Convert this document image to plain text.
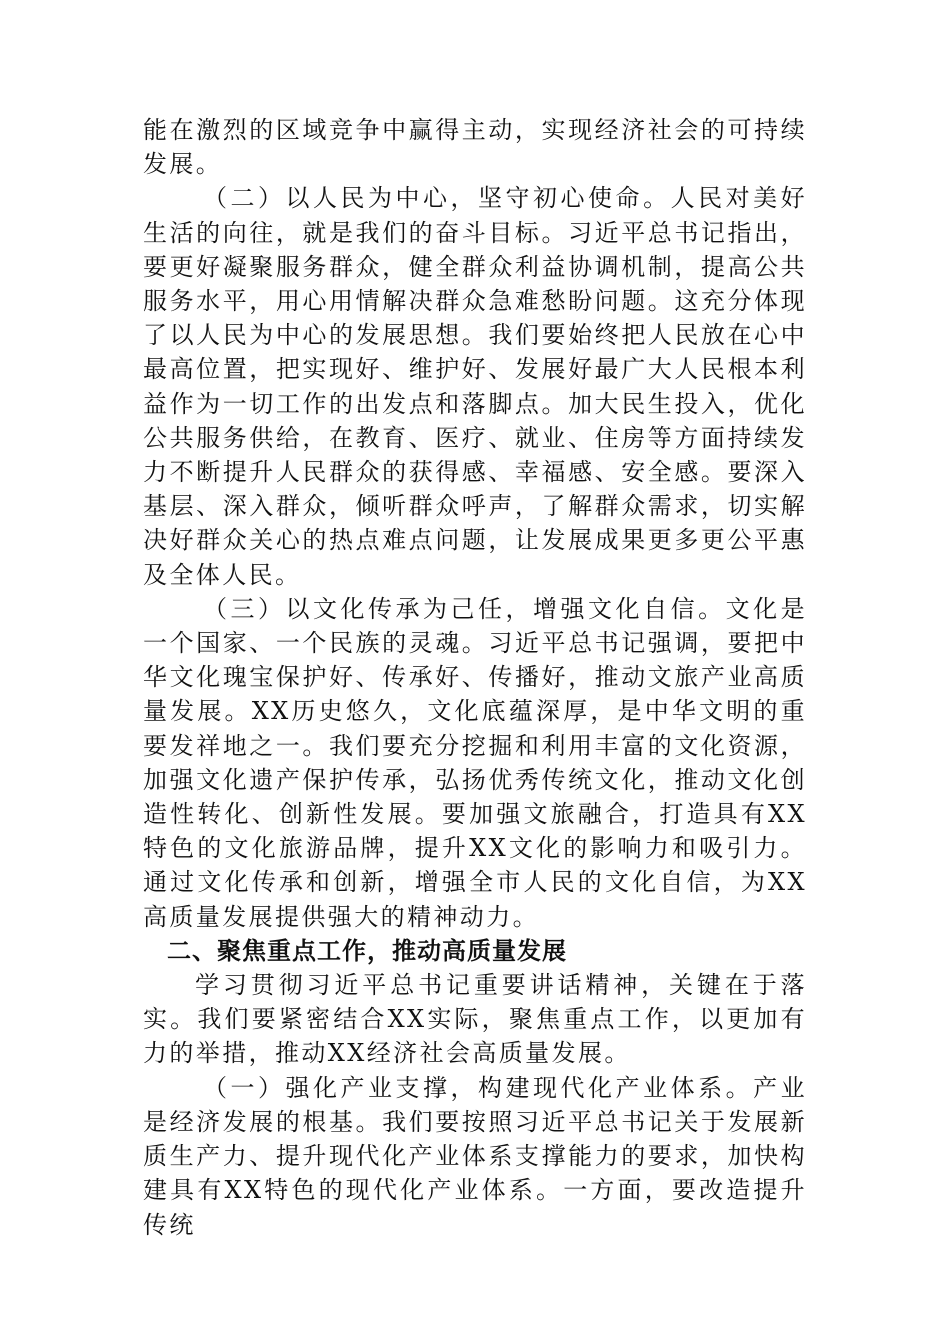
能在激烈的区域竞争中赢得主动，实现经济社会的可持续发展。

（二）以人民为中心，坚守初心使命。人民对美好生活的向往，就是我们的奋斗目标。习近平总书记指出，要更好凝聚服务群众，健全群众利益协调机制，提高公共服务水平，用心用情解决群众急难愁盼问题。这充分体现了以人民为中心的发展思想。我们要始终把人民放在心中最高位置，把实现好、维护好、发展好最广大人民根本利益作为一切工作的出发点和落脚点。加大民生投入，优化公共服务供给，在教育、医疗、就业、住房等方面持续发力不断提升人民群众的获得感、幸福感、安全感。要深入基层、深入群众，倾听群众呼声，了解群众需求，切实解决好群众关心的热点难点问题，让发展成果更多更公平惠及全体人民。

（三）以文化传承为己任，增强文化自信。文化是一个国家、一个民族的灵魂。习近平总书记强调，要把中华文化瑰宝保护好、传承好、传播好，推动文旅产业高质量发展。XX历史悠久，文化底蕴深厚，是中华文明的重要发祥地之一。我们要充分挖掘和利用丰富的文化资源，加强文化遗产保护传承，弘扬优秀传统文化，推动文化创造性转化、创新性发展。要加强文旅融合，打造具有XX特色的文化旅游品牌，提升XX文化的影响力和吸引力。通过文化传承和创新，增强全市人民的文化自信，为XX高质量发展提供强大的精神动力。

二、聚焦重点工作，推动高质量发展

学习贯彻习近平总书记重要讲话精神，关键在于落实。我们要紧密结合XX实际，聚焦重点工作，以更加有力的举措，推动XX经济社会高质量发展。

（一）强化产业支撑，构建现代化产业体系。产业是经济发展的根基。我们要按照习近平总书记关于发展新质生产力、提升现代化产业体系支撑能力的要求，加快构建具有XX特色的现代化产业体系。一方面，要改造提升传统
